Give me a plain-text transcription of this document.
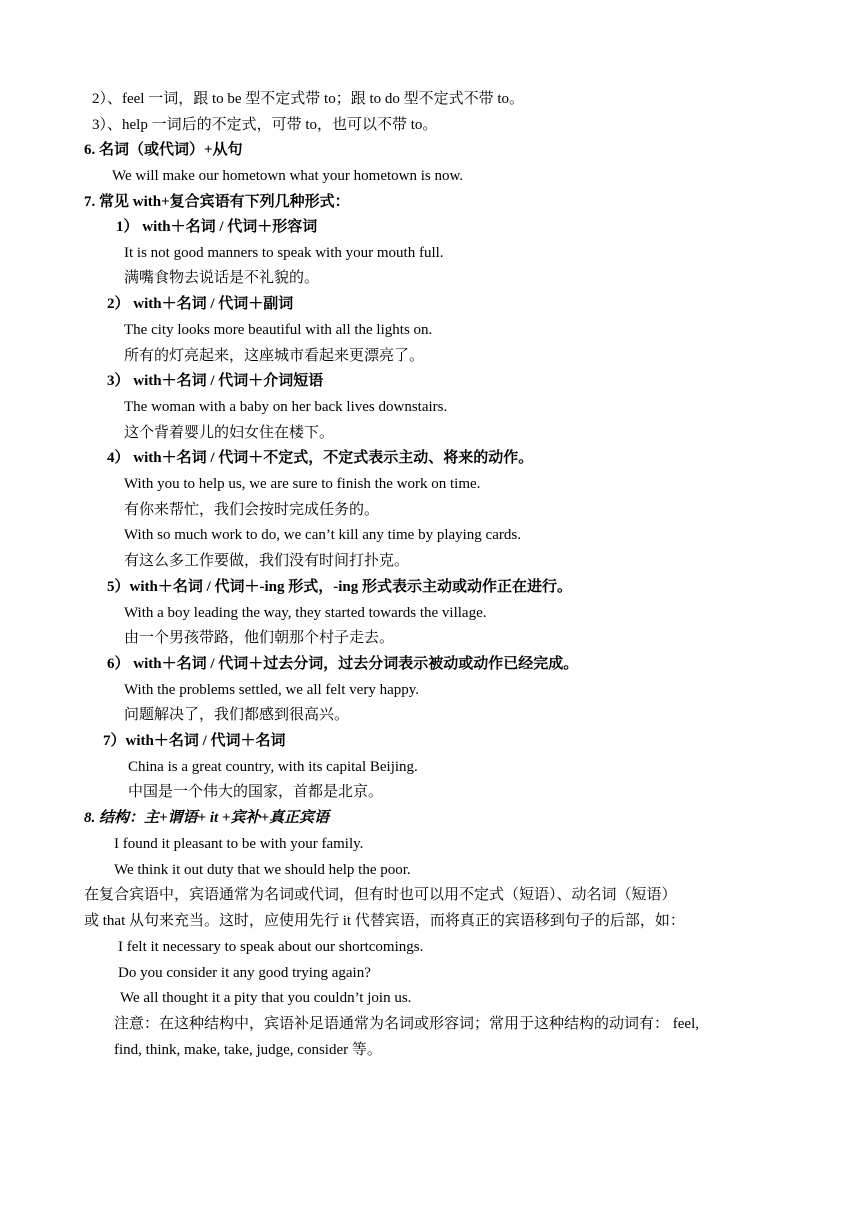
2）、feel 一词，跟 to be 型不定式带 to；跟 to do 型不定式不带 to。
3）、help 一词后的不定式，可带 to，也可以不带 to。
6. 名词（或代词）+从句
We will make our hometown what your hometown is now.
7. 常见 with+复合宾语有下列几种形式：
1） with＋名词 / 代词＋形容词
It is not good manners to speak with your mouth full.
满嘴食物去说话是不礼貌的。
2） with＋名词 / 代词＋副词
The city looks more beautiful with all the lights on.
所有的灯亮起来，这座城市看起来更漂亮了。
3） with＋名词 / 代词＋介词短语
The woman with a baby on her back lives downstairs.
这个背着婴儿的妇女住在楼下。
4） with＋名词 / 代词＋不定式，不定式表示主动、将来的动作。
With you to help us, we are sure to finish the work on time.
有你来帮忙，我们会按时完成任务的。
With so much work to do, we can’t kill any time by playing cards.
有这么多工作要做，我们没有时间打扑克。
5）with＋名词 / 代词＋-ing 形式，-ing 形式表示主动或动作正在进行。
With a boy leading the way, they started towards the village.
由一个男孩带路，他们朝那个村子走去。
6） with＋名词 / 代词＋过去分词，过去分词表示被动或动作已经完成。
With the problems settled, we all felt very happy.
问题解决了，我们都感到很高兴。
7）with＋名词 / 代词＋名词
China is a great country, with its capital Beijing.
中国是一个伟大的国家，首都是北京。
8. 结构：主+谓语+ it +宾补+真正宾语
I found it pleasant to be with your family.
We think it out duty that we should help the poor.
在复合宾语中，宾语通常为名词或代词，但有时也可以用不定式（短语）、动名词（短语）
或 that 从句来充当。这时，应使用先行 it 代替宾语，而将真正的宾语移到句子的后部，如：
I felt it necessary to speak about our shortcomings.
Do you consider it any good trying again?
We all thought it a pity that you couldn’t join us.
注意：在这种结构中，宾语补足语通常为名词或形容词；常用于这种结构的动词有： feel,
find, think, make, take, judge, consider 等。
